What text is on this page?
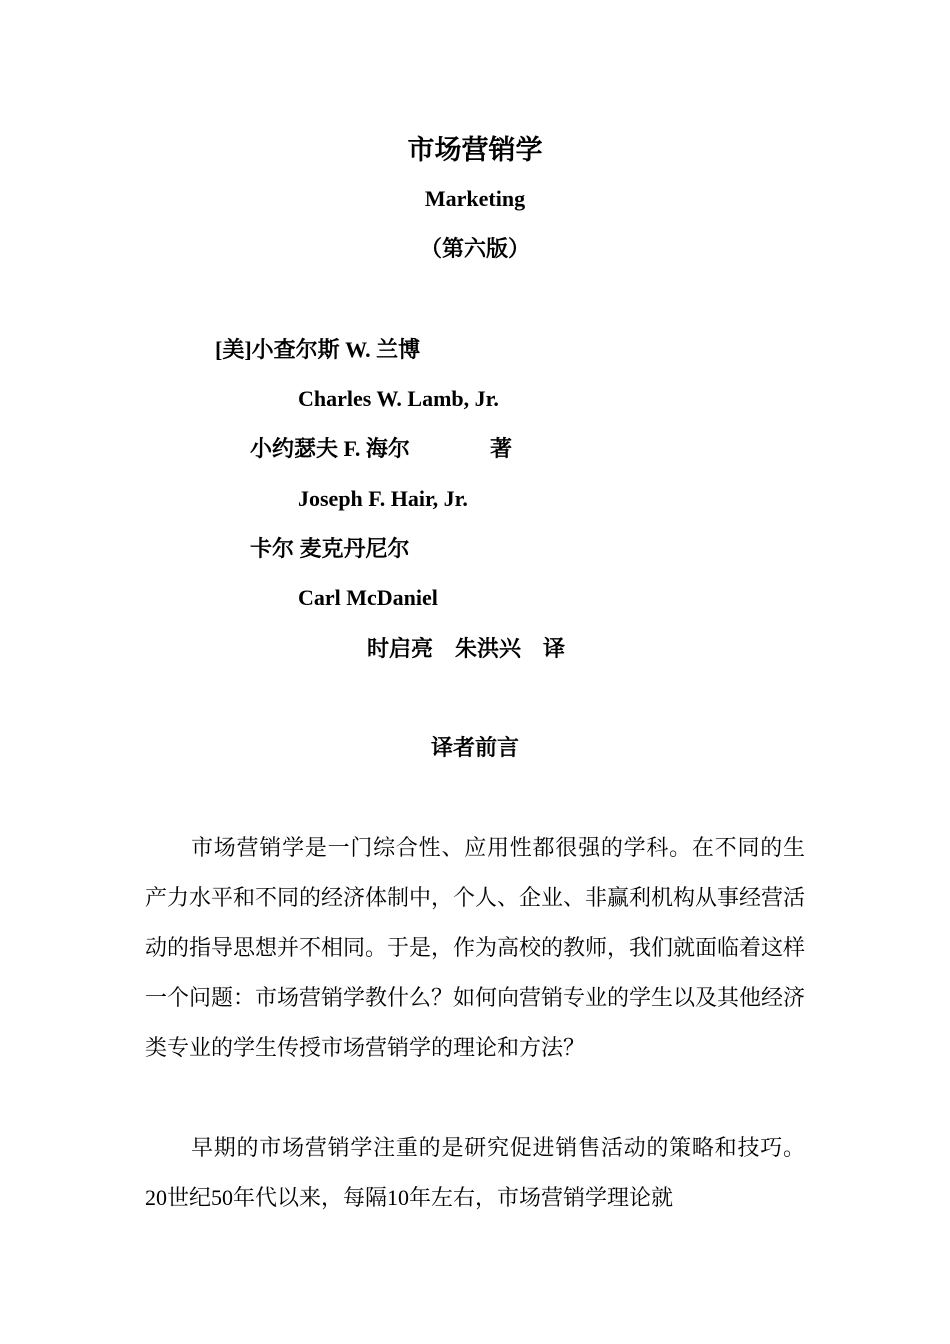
市场营销学
Marketing
（第六版）
[美]小查尔斯 W. 兰博
Charles W. Lamb, Jr.
小约瑟夫 F. 海尔	著
Joseph F. Hair, Jr.
卡尔 麦克丹尼尔
Carl McDaniel
时启亮    朱洪兴    译
译者前言

市场营销学是一门综合性、应用性都很强的学科。在不同的生产力水平和不同的经济体制中，个人、企业、非赢利机构从事经营活动的指导思想并不相同。于是，作为高校的教师，我们就面临着这样一个问题：市场营销学教什么？如何向营销专业的学生以及其他经济类专业的学生传授市场营销学的理论和方法？

早期的市场营销学注重的是研究促进销售活动的策略和技巧。20世纪50年代以来，每隔10年左右，市场营销学理论就
